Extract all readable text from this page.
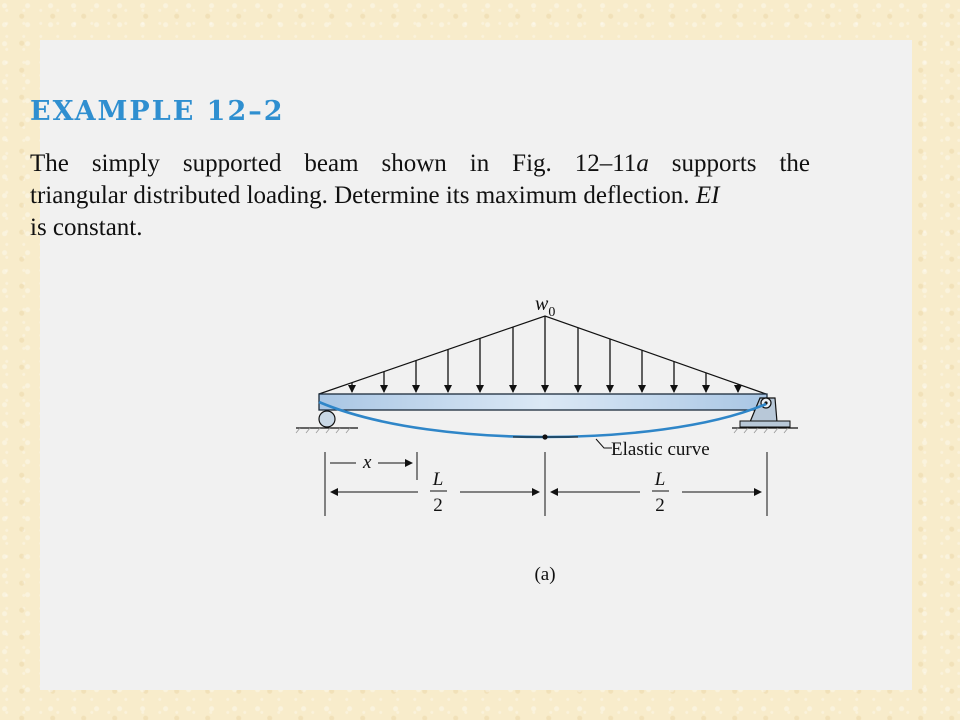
EXAMPLE 12–2
The simply supported beam shown in Fig. 12–11a supports the
triangular distributed loading. Determine its maximum deflection. EI
is constant.
$w_0$
Elastic curve
x
L
2
L
2
(a)
